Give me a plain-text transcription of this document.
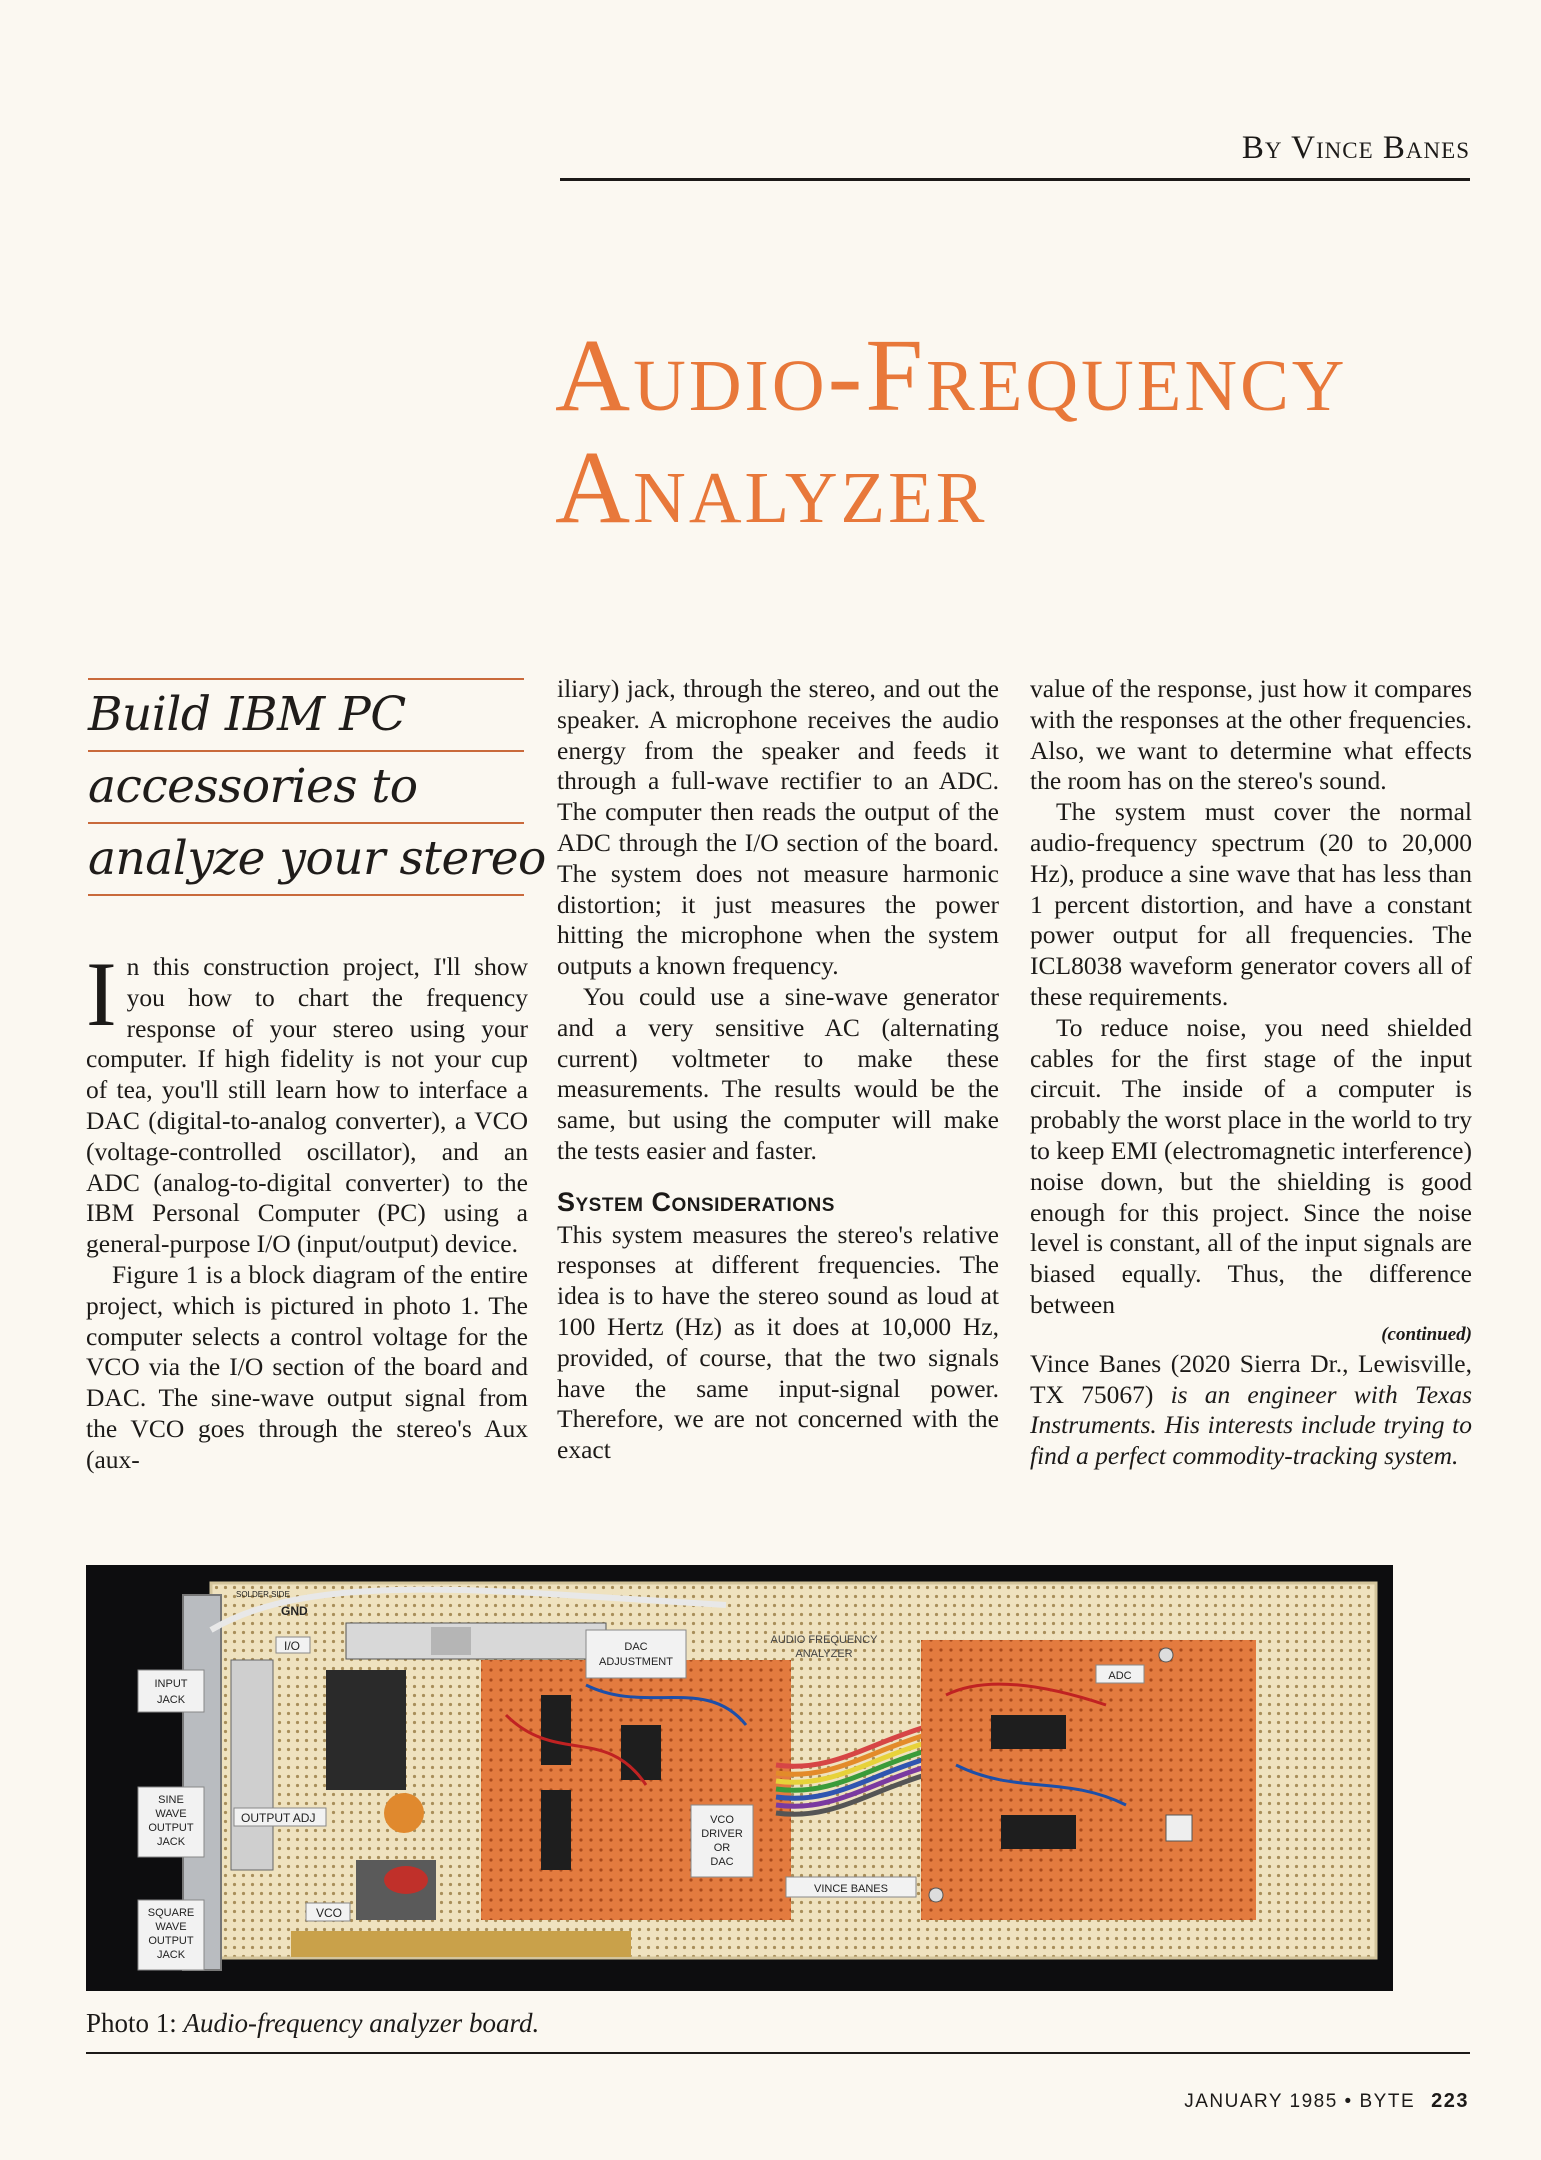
By Vince Banes
Audio-Frequency
Analyzer
Build IBM PC
accessories to
analyze your stereo

In this construction project, I'll show you how to chart the frequency response of your stereo using your computer. If high fidelity is not your cup of tea, you'll still learn how to interface a DAC (digital-to-analog converter), a VCO (voltage-controlled oscillator), and an ADC (analog-to-digital converter) to the IBM Personal Computer (PC) using a general-purpose I/O (input/output) device.

Figure 1 is a block diagram of the entire project, which is pictured in photo 1. The computer selects a control voltage for the VCO via the I/O section of the board and DAC. The sine-wave output signal from the VCO goes through the stereo's Aux (aux-

iliary) jack, through the stereo, and out the speaker. A microphone receives the audio energy from the speaker and feeds it through a full-wave rectifier to an ADC. The computer then reads the output of the ADC through the I/O section of the board. The system does not measure harmonic distortion; it just measures the power hitting the microphone when the system outputs a known frequency.

You could use a sine-wave generator and a very sensitive AC (alternating current) voltmeter to make these measurements. The results would be the same, but using the computer will make the tests easier and faster.

System Considerations

This system measures the stereo's relative responses at different frequencies. The idea is to have the stereo sound as loud at 100 Hertz (Hz) as it does at 10,000 Hz, provided, of course, that the two signals have the same input-signal power. Therefore, we are not concerned with the exact

value of the response, just how it compares with the responses at the other frequencies. Also, we want to determine what effects the room has on the stereo's sound.

The system must cover the normal audio-frequency spectrum (20 to 20,000 Hz), produce a sine wave that has less than 1 percent distortion, and have a constant power output for all frequencies. The ICL8038 waveform generator covers all of these requirements.

To reduce noise, you need shielded cables for the first stage of the input circuit. The inside of a computer is probably the worst place in the world to try to keep EMI (electromagnetic interference) noise down, but the shielding is good enough for this project. Since the noise level is constant, all of the input signals are biased equally. Thus, the difference between

(continued)

Vince Banes (2020 Sierra Dr., Lewisville, TX 75067) is an engineer with Texas Instruments. His interests include trying to find a perfect commodity-tracking system.

INPUT
JACK
SINE
WAVE
OUTPUT
JACK
SQUARE
WAVE
OUTPUT
JACK
GND
SOLDER SIDE
I/O
OUTPUT ADJ
VCO
DAC
ADJUSTMENT
AUDIO FREQUENCY
ANALYZER
VCO
DRIVER
OR
DAC
ADC
VINCE BANES
Photo 1: Audio-frequency analyzer board.
JANUARY 1985 • BYTE 223
